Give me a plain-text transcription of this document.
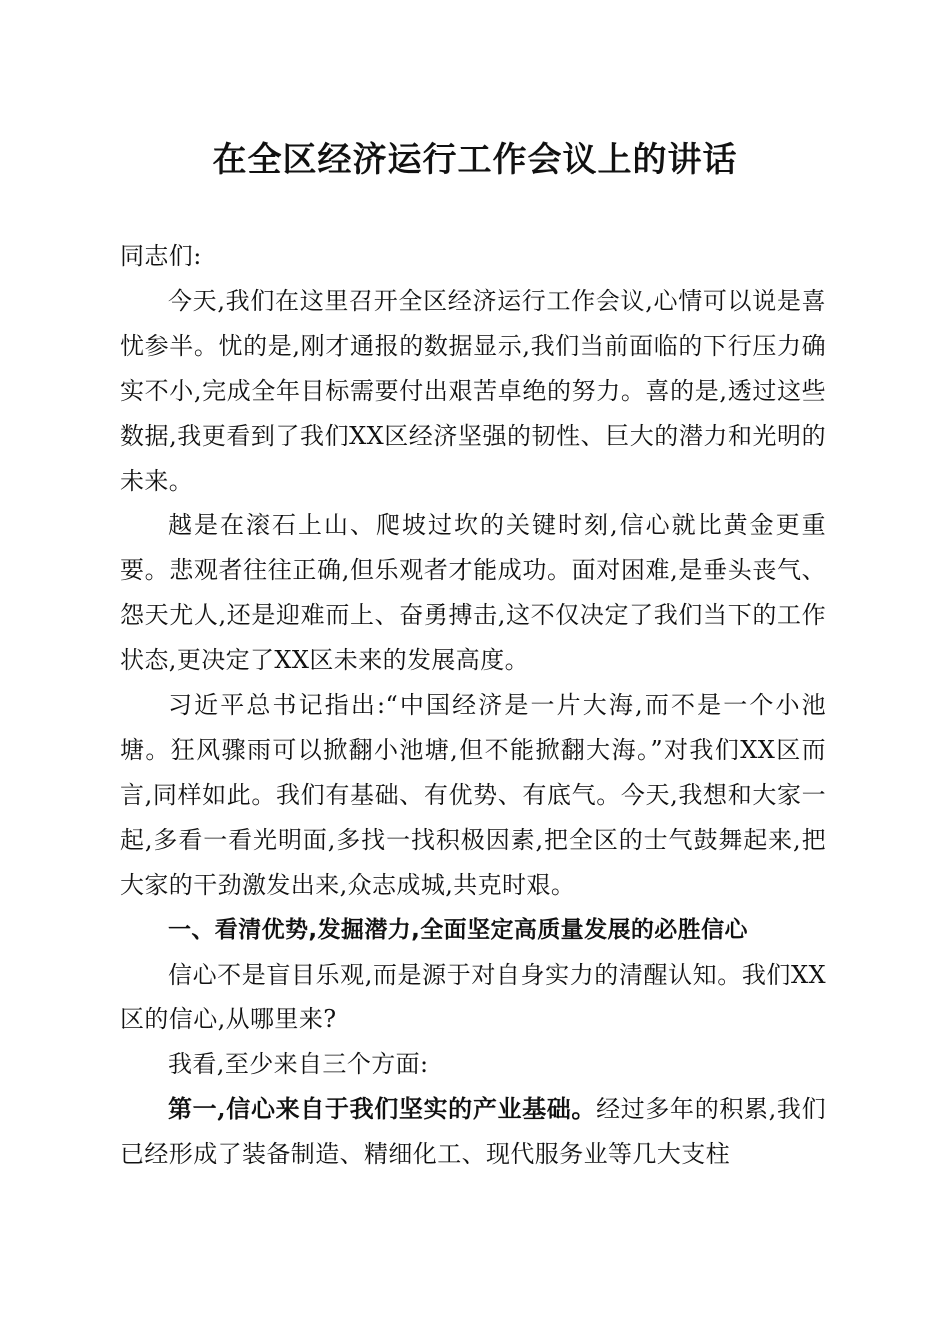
在全区经济运行工作会议上的讲话

同志们:

今天,我们在这里召开全区经济运行工作会议,心情可以说是喜忧参半。忧的是,刚才通报的数据显示,我们当前面临的下行压力确实不小,完成全年目标需要付出艰苦卓绝的努力。喜的是,透过这些数据,我更看到了我们XX区经济坚强的韧性、巨大的潜力和光明的未来。

越是在滚石上山、爬坡过坎的关键时刻,信心就比黄金更重要。悲观者往往正确,但乐观者才能成功。面对困难,是垂头丧气、怨天尤人,还是迎难而上、奋勇搏击,这不仅决定了我们当下的工作状态,更决定了XX区未来的发展高度。

习近平总书记指出:“中国经济是一片大海,而不是一个小池塘。狂风骤雨可以掀翻小池塘,但不能掀翻大海。”对我们XX区而言,同样如此。我们有基础、有优势、有底气。今天,我想和大家一起,多看一看光明面,多找一找积极因素,把全区的士气鼓舞起来,把大家的干劲激发出来,众志成城,共克时艰。

一、看清优势,发掘潜力,全面坚定高质量发展的必胜信心

信心不是盲目乐观,而是源于对自身实力的清醒认知。我们XX区的信心,从哪里来?

我看,至少来自三个方面:

第一,信心来自于我们坚实的产业基础。经过多年的积累,我们已经形成了装备制造、精细化工、现代服务业等几大支柱
